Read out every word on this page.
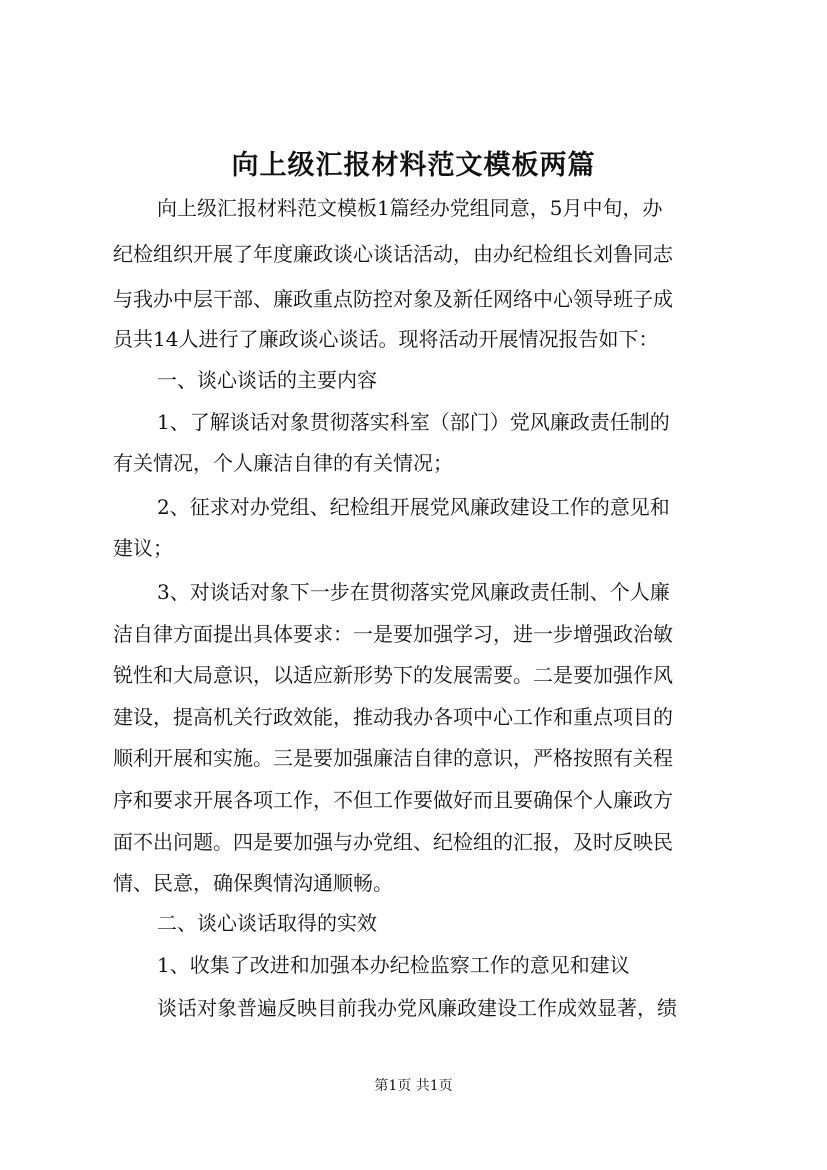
向上级汇报材料范文模板两篇
向上级汇报材料范文模板1篇经办党组同意，5月中旬，办
纪检组织开展了年度廉政谈心谈话活动，由办纪检组长刘鲁同志
与我办中层干部、廉政重点防控对象及新任网络中心领导班子成
员共14人进行了廉政谈心谈话。现将活动开展情况报告如下：
一、谈心谈话的主要内容
1、了解谈话对象贯彻落实科室（部门）党风廉政责任制的
有关情况，个人廉洁自律的有关情况；
2、征求对办党组、纪检组开展党风廉政建设工作的意见和
建议；
3、对谈话对象下一步在贯彻落实党风廉政责任制、个人廉
洁自律方面提出具体要求：一是要加强学习，进一步增强政治敏
锐性和大局意识，以适应新形势下的发展需要。二是要加强作风
建设，提高机关行政效能，推动我办各项中心工作和重点项目的
顺利开展和实施。三是要加强廉洁自律的意识，严格按照有关程
序和要求开展各项工作，不但工作要做好而且要确保个人廉政方
面不出问题。四是要加强与办党组、纪检组的汇报，及时反映民
情、民意，确保舆情沟通顺畅。
二、谈心谈话取得的实效
1、收集了改进和加强本办纪检监察工作的意见和建议
谈话对象普遍反映目前我办党风廉政建设工作成效显著，绩
第1页 共1页
